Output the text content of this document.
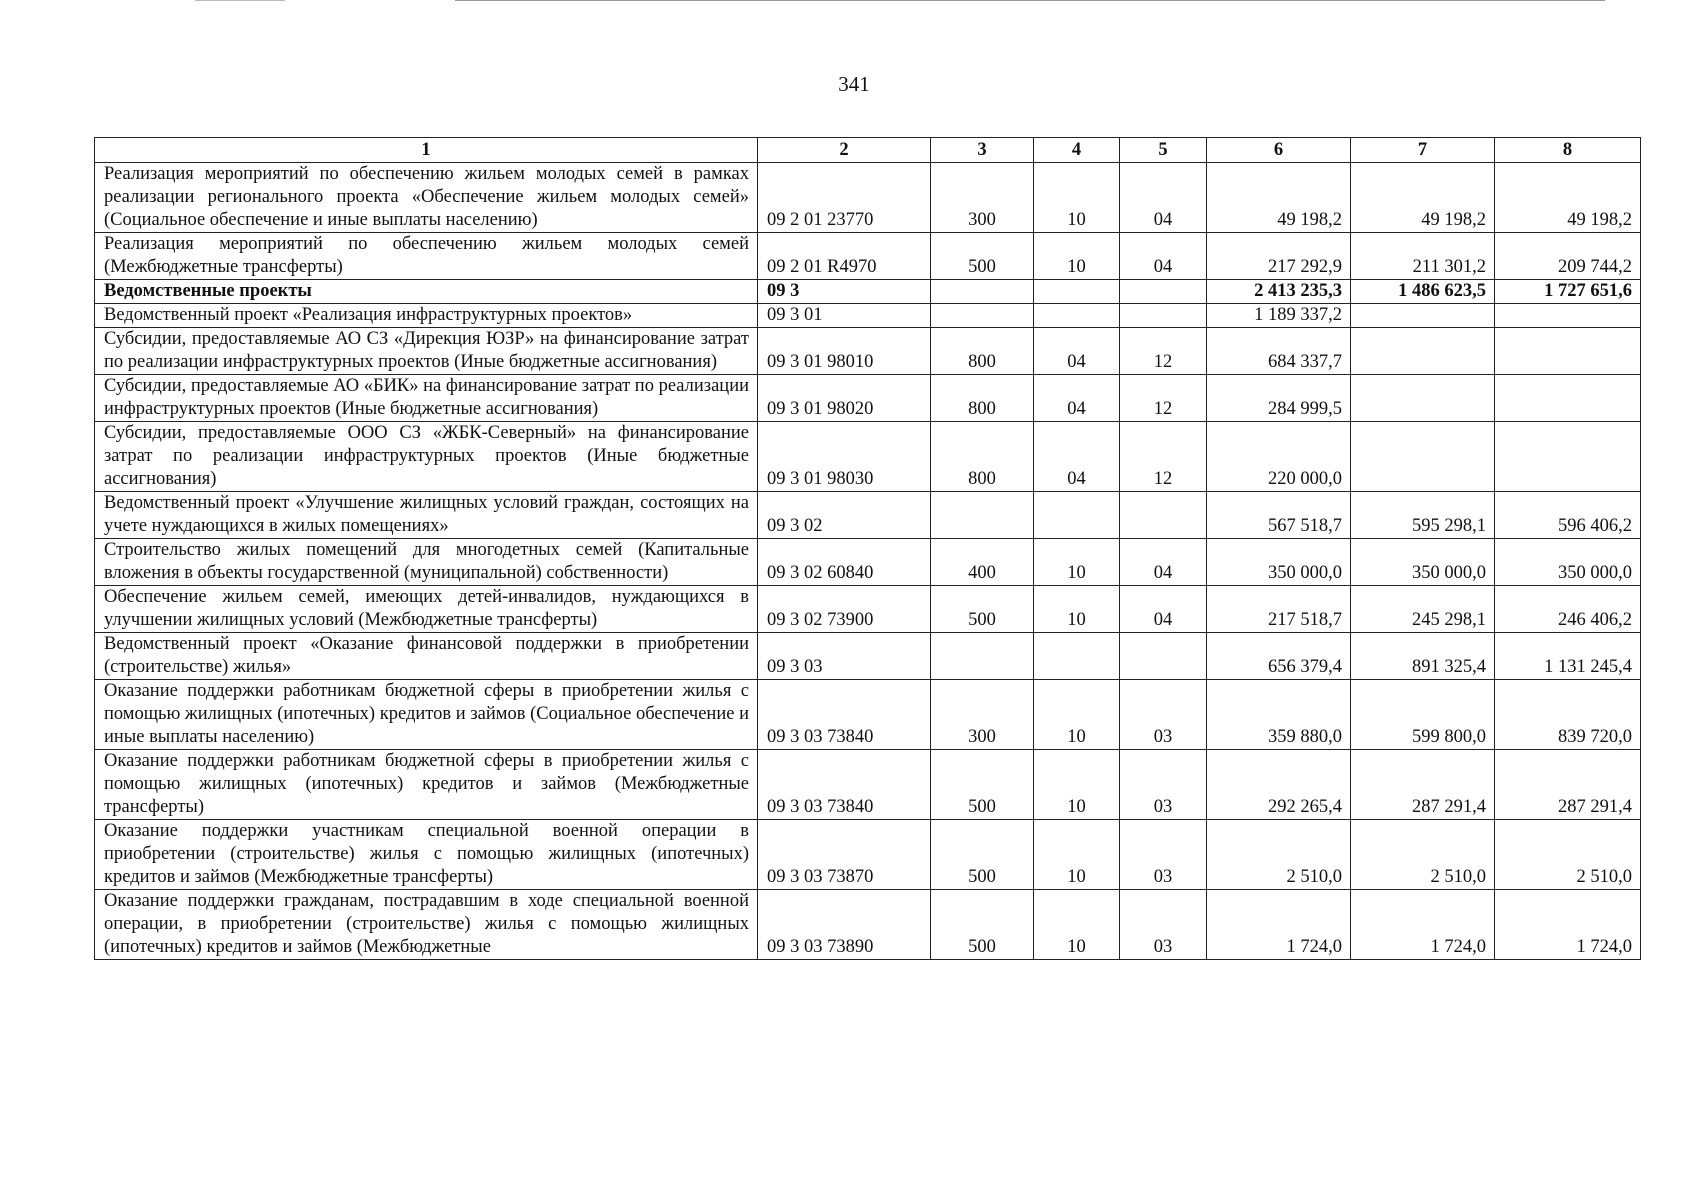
341
1	2	3	4	5	6	7	8
Реализация мероприятий по обеспечению жильем молодых семей в рамках реализации регионального проекта «Обеспечение жильем молодых семей» (Социальное обеспечение и иные выплаты населению)	09 2 01 23770	300	10	04	49 198,2	49 198,2	49 198,2
Реализация мероприятий по обеспечению жильем молодых семей (Межбюджетные трансферты)	09 2 01 R4970	500	10	04	217 292,9	211 301,2	209 744,2
Ведомственные проекты	09 3				2 413 235,3	1 486 623,5	1 727 651,6
Ведомственный проект «Реализация инфраструктурных проектов»	09 3 01				1 189 337,2		
Субсидии, предоставляемые АО СЗ «Дирекция ЮЗР» на финансирование затрат по реализации инфраструктурных проектов (Иные бюджетные ассигнования)	09 3 01 98010	800	04	12	684 337,7		
Субсидии, предоставляемые АО «БИК» на финансирование затрат по реализации инфраструктурных проектов (Иные бюджетные ассигнования)	09 3 01 98020	800	04	12	284 999,5		
Субсидии, предоставляемые ООО СЗ «ЖБК-Северный» на финансирование затрат по реализации инфраструктурных проектов (Иные бюджетные ассигнования)	09 3 01 98030	800	04	12	220 000,0		
Ведомственный проект «Улучшение жилищных условий граждан, состоящих на учете нуждающихся в жилых помещениях»	09 3 02				567 518,7	595 298,1	596 406,2
Строительство жилых помещений для многодетных семей (Капитальные вложения в объекты государственной (муниципальной) собственности)	09 3 02 60840	400	10	04	350 000,0	350 000,0	350 000,0
Обеспечение жильем семей, имеющих детей-инвалидов, нуждающихся в улучшении жилищных условий (Межбюджетные трансферты)	09 3 02 73900	500	10	04	217 518,7	245 298,1	246 406,2
Ведомственный проект «Оказание финансовой поддержки в приобретении (строительстве) жилья»	09 3 03				656 379,4	891 325,4	1 131 245,4
Оказание поддержки работникам бюджетной сферы в приобретении жилья с помощью жилищных (ипотечных) кредитов и займов (Социальное обеспечение и иные выплаты населению)	09 3 03 73840	300	10	03	359 880,0	599 800,0	839 720,0
Оказание поддержки работникам бюджетной сферы в приобретении жилья с помощью жилищных (ипотечных) кредитов и займов (Межбюджетные трансферты)	09 3 03 73840	500	10	03	292 265,4	287 291,4	287 291,4
Оказание поддержки участникам специальной военной операции в приобретении (строительстве) жилья с помощью жилищных (ипотечных) кредитов и займов (Межбюджетные трансферты)	09 3 03 73870	500	10	03	2 510,0	2 510,0	2 510,0
Оказание поддержки гражданам, пострадавшим в ходе специальной военной операции, в приобретении (строительстве) жилья с помощью жилищных (ипотечных) кредитов и займов (Межбюджетные	09 3 03 73890	500	10	03	1 724,0	1 724,0	1 724,0
